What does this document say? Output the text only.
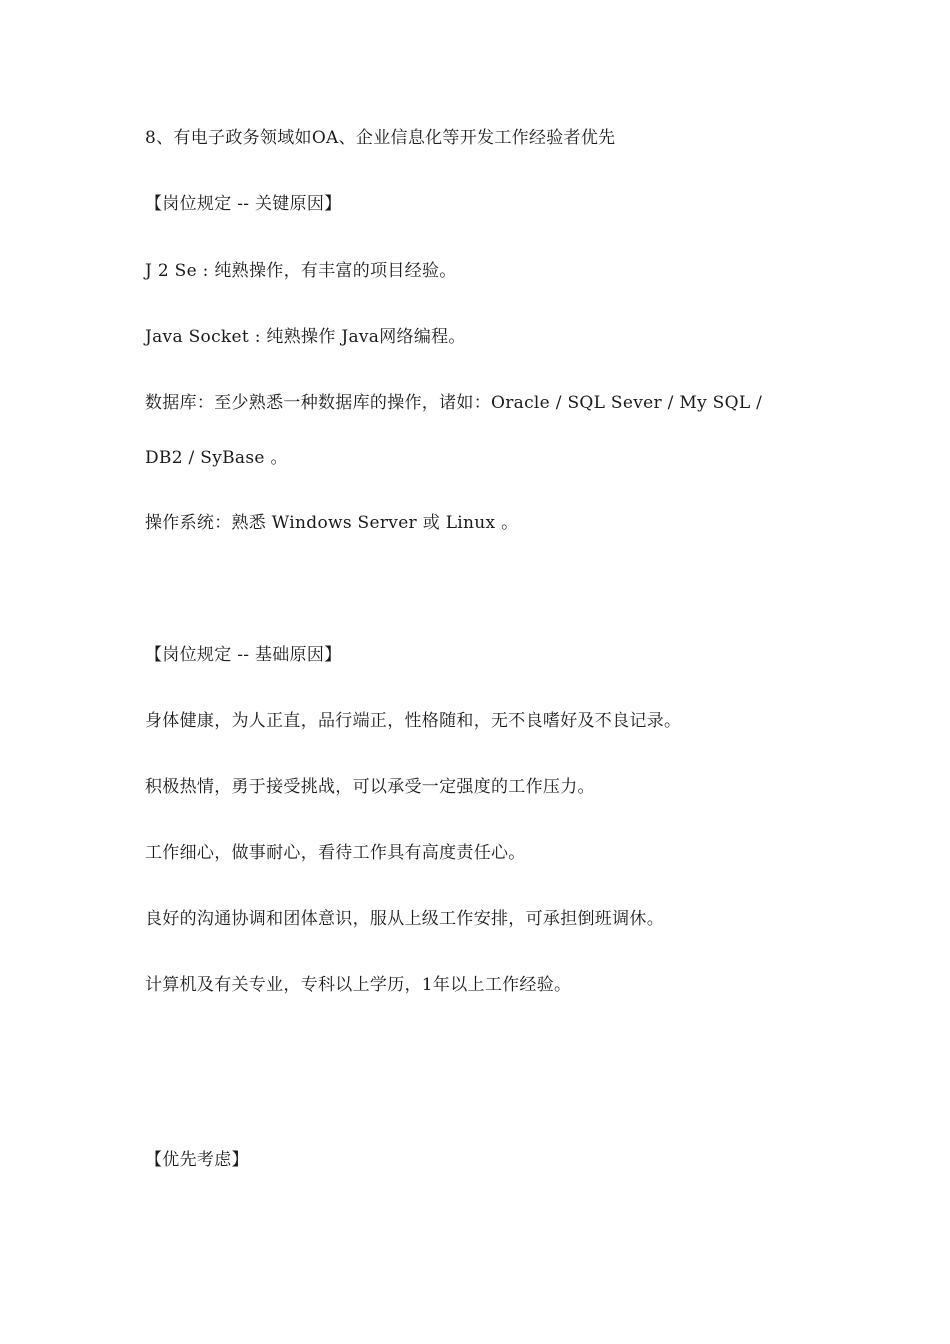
8、有电子政务领域如OA、企业信息化等开发工作经验者优先
【岗位规定 -- 关键原因】
J 2 Se : 纯熟操作，有丰富的项目经验。
Java Socket : 纯熟操作 Java网络编程。
数据库：至少熟悉一种数据库的操作，诸如：Oracle / SQL Sever / My SQL /
DB2 / SyBase 。
操作系统：熟悉 Windows Server 或 Linux 。
【岗位规定 -- 基础原因】
身体健康，为人正直，品行端正，性格随和，无不良嗜好及不良记录。
积极热情，勇于接受挑战，可以承受一定强度的工作压力。
工作细心，做事耐心，看待工作具有高度责任心。
良好的沟通协调和团体意识，服从上级工作安排，可承担倒班调休。
计算机及有关专业，专科以上学历，1年以上工作经验。
【优先考虑】
